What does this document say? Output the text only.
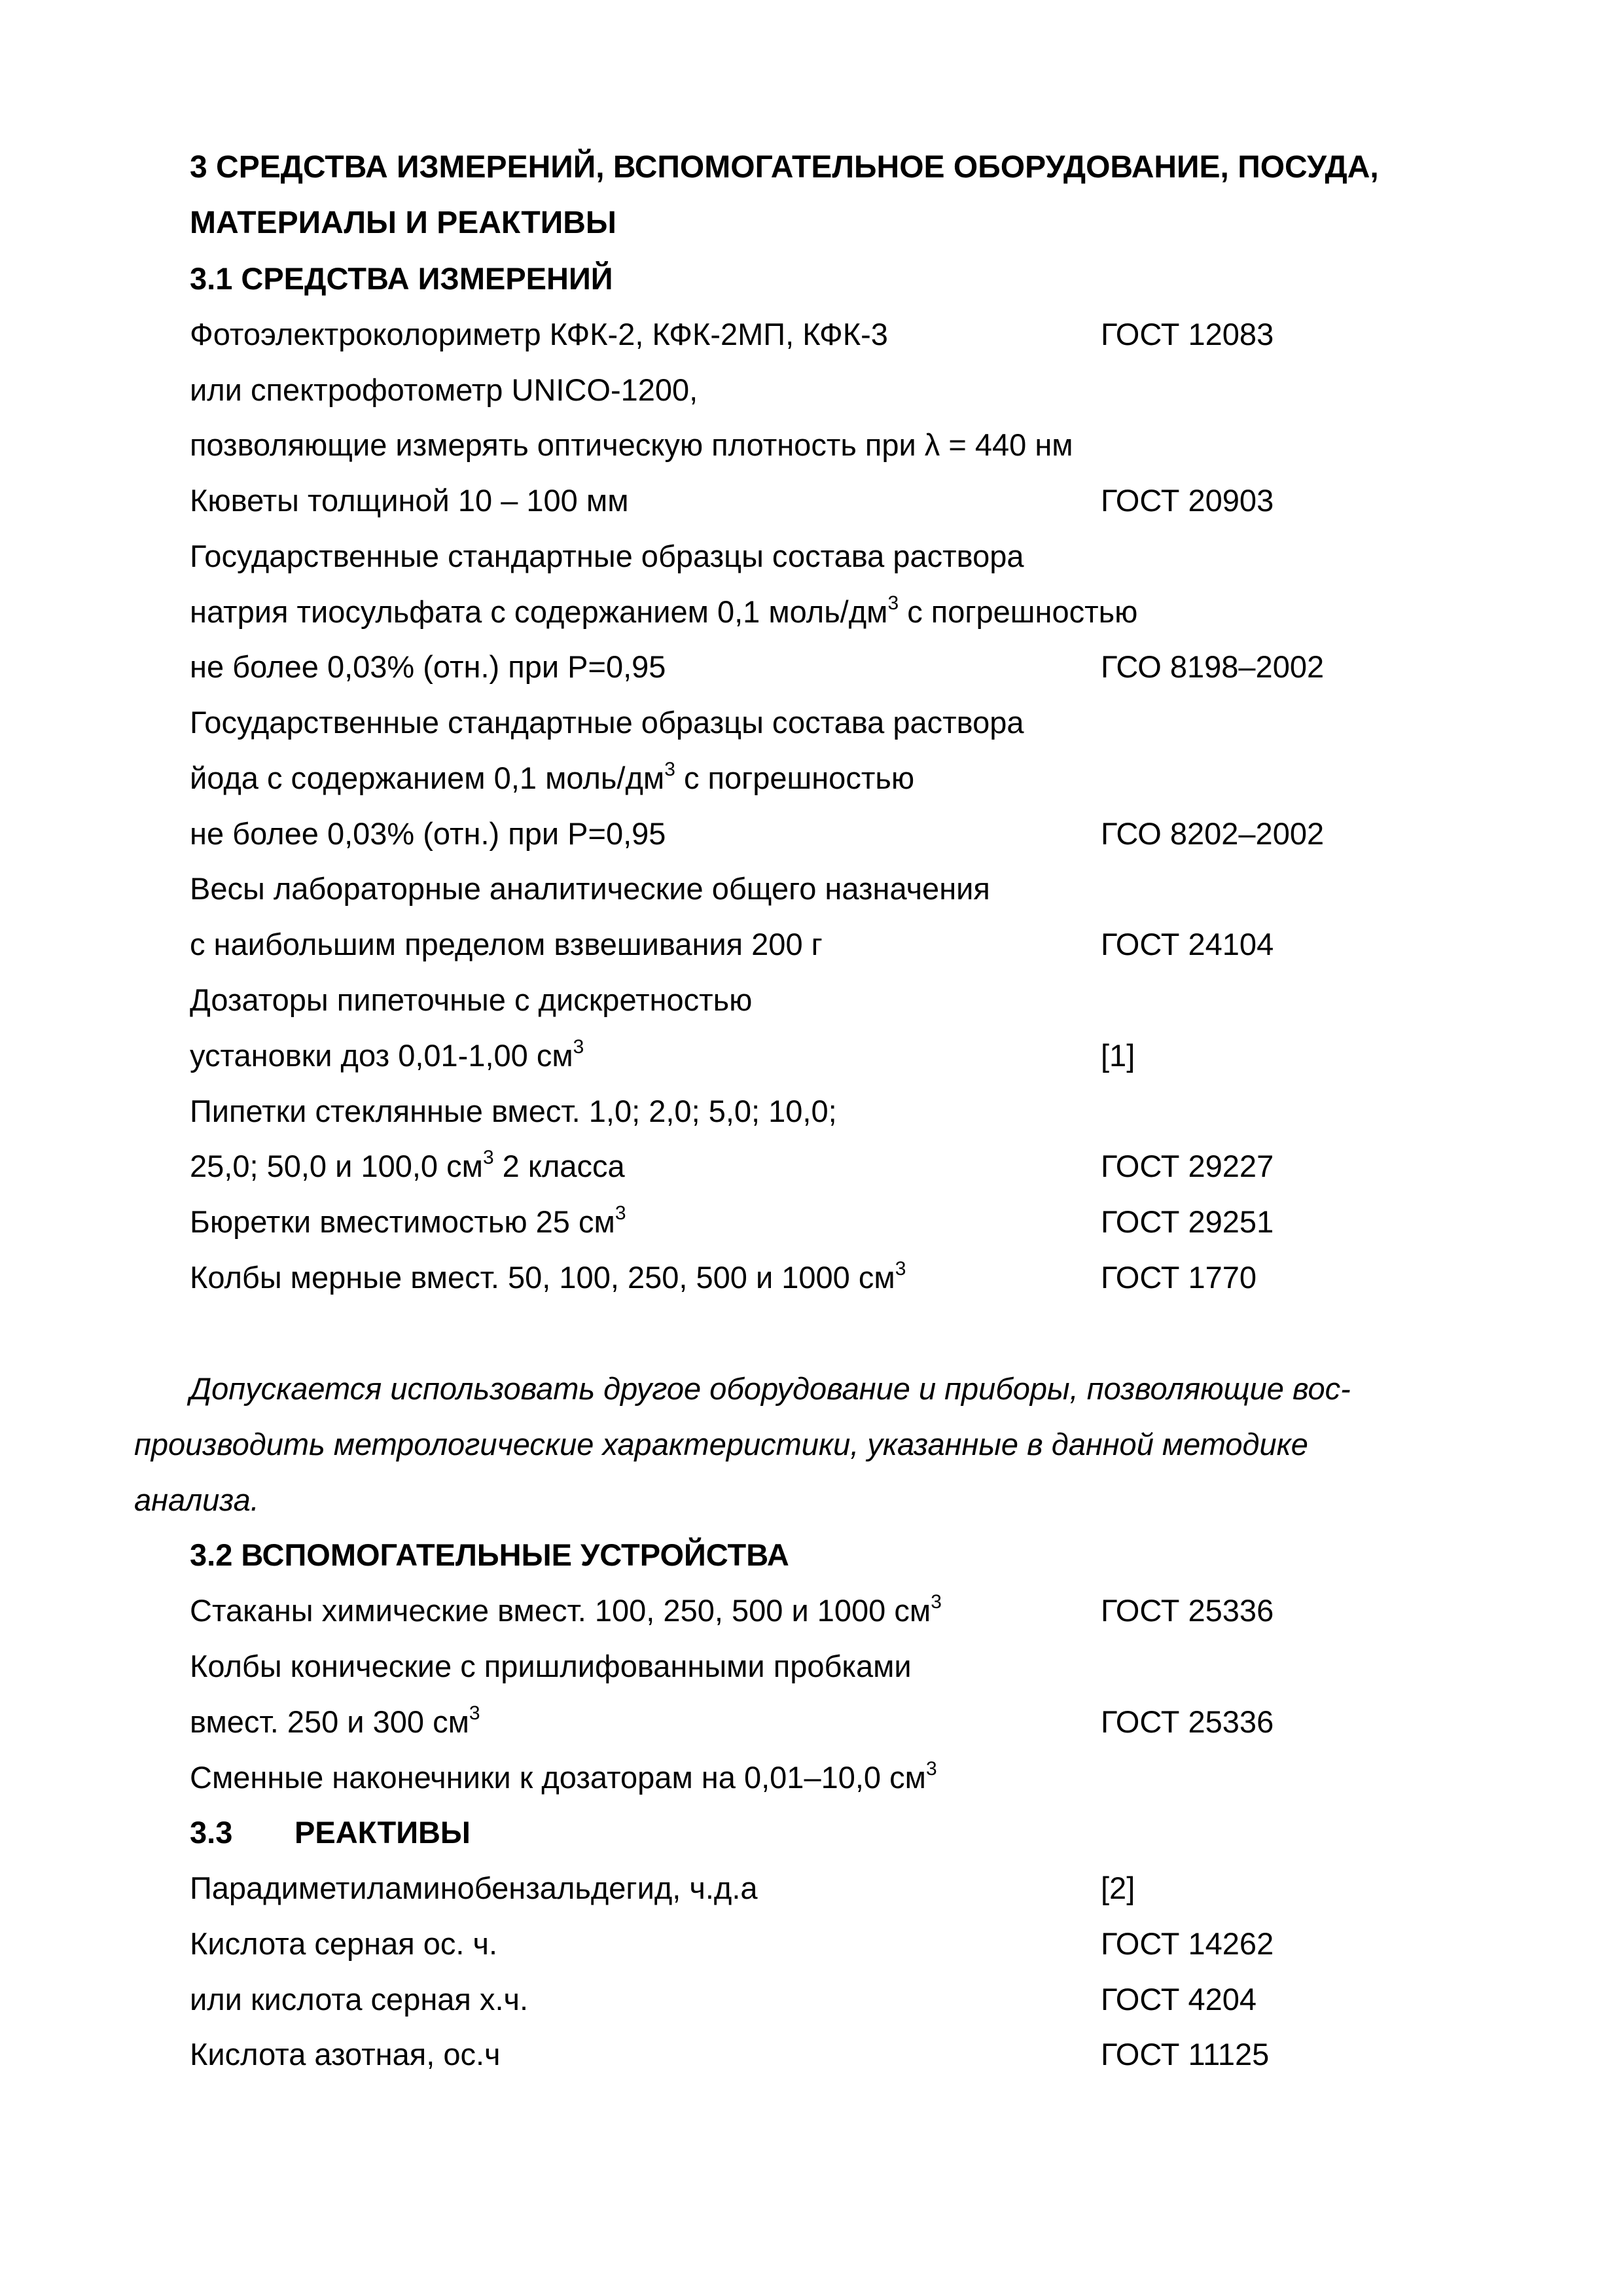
3 СРЕДСТВА ИЗМЕРЕНИЙ, ВСПОМОГАТЕЛЬНОЕ ОБОРУДОВАНИЕ, ПОСУДА,
МАТЕРИАЛЫ И РЕАКТИВЫ
3.1 СРЕДСТВА ИЗМЕРЕНИЙ
Фотоэлектроколориметр КФК-2, КФК-2МП, КФК-3	ГОСТ 12083
или спектрофотометр UNICO-1200,
позволяющие измерять оптическую плотность при λ = 440 нм
Кюветы толщиной 10 – 100 мм	ГОСТ 20903
Государственные стандартные образцы состава раствора
натрия тиосульфата с содержанием 0,1 моль/$дм^3$ с погрешностью
не более 0,03% (отн.) при Р=0,95	ГСО 8198–2002
Государственные стандартные образцы состава раствора
йода с содержанием 0,1 моль/$дм^3$ с погрешностью
не более 0,03% (отн.) при Р=0,95	ГСО 8202–2002
Весы лабораторные аналитические общего назначения
с наибольшим пределом взвешивания 200 г	ГОСТ 24104
Дозаторы пипеточные с дискретностью
установки доз 0,01-1,00 $см^3$	[1]
Пипетки стеклянные вмест. 1,0; 2,0; 5,0; 10,0;
25,0; 50,0 и 100,0 $см^3$ 2 класса	ГОСТ 29227
Бюретки вместимостью 25 $см^3$	ГОСТ 29251
Колбы мерные вмест. 50, 100, 250, 500 и 1000 $см^3$	ГОСТ 1770
Допускается использовать другое оборудование и приборы, позволяющие вос-
производить метрологические характеристики, указанные в данной методике
анализа.
3.2 ВСПОМОГАТЕЛЬНЫЕ УСТРОЙСТВА
Стаканы химические вмест. 100, 250, 500 и 1000 $см^3$	ГОСТ 25336
Колбы конические с пришлифованными пробками
вмест. 250 и 300 $см^3$	ГОСТ 25336
Сменные наконечники к дозаторам на 0,01–10,0 $см^3$
3.3 РЕАКТИВЫ
Парадиметиламинобензальдегид, ч.д.а	[2]
Кислота серная ос. ч.	ГОСТ 14262
или кислота серная х.ч.	ГОСТ 4204
Кислота азотная, ос.ч	ГОСТ 11125
